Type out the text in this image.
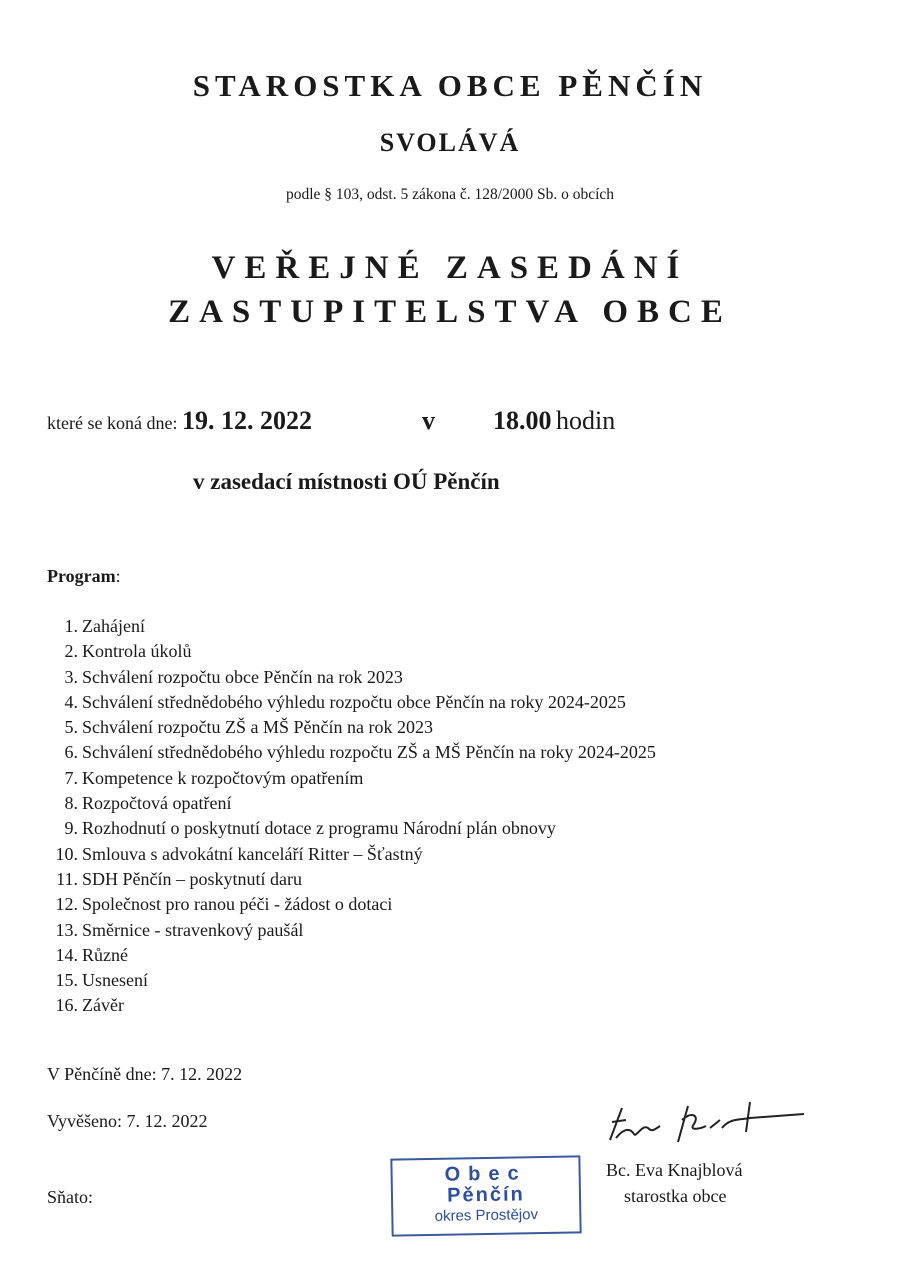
STAROSTKA OBCE PĚNČÍN
SVOLÁVÁ
podle § 103, odst. 5 zákona č. 128/2000 Sb. o obcích
VEŘEJNÉ ZASEDÁNÍ
ZASTUPITELSTVA OBCE
které se koná dne: 19. 12. 2022	v 18.00 hodin
v zasedací místnosti OÚ Pěnčín
Program:
1. Zahájení
2. Kontrola úkolů
3. Schválení rozpočtu obce Pěnčín na rok 2023
4. Schválení střednědobého výhledu rozpočtu obce Pěnčín na roky 2024-2025
5. Schválení rozpočtu ZŠ a MŠ Pěnčín na rok 2023
6. Schválení střednědobého výhledu rozpočtu ZŠ a MŠ Pěnčín na roky 2024-2025
7. Kompetence k rozpočtovým opatřením
8. Rozpočtová opatření
9. Rozhodnutí o poskytnutí dotace z programu Národní plán obnovy
10. Smlouva s advokátní kanceláří Ritter – Šťastný
11. SDH Pěnčín – poskytnutí daru
12. Společnost pro ranou péči - žádost o dotaci
13. Směrnice - stravenkový paušál
14. Různé
15. Usnesení
16. Závěr
V Pěnčíně dne: 7. 12. 2022
Vyvěšeno: 7. 12. 2022
Sňato:
Obec
Pěnčín
okres Prostějov
Bc. Eva Knajblová
starostka obce
